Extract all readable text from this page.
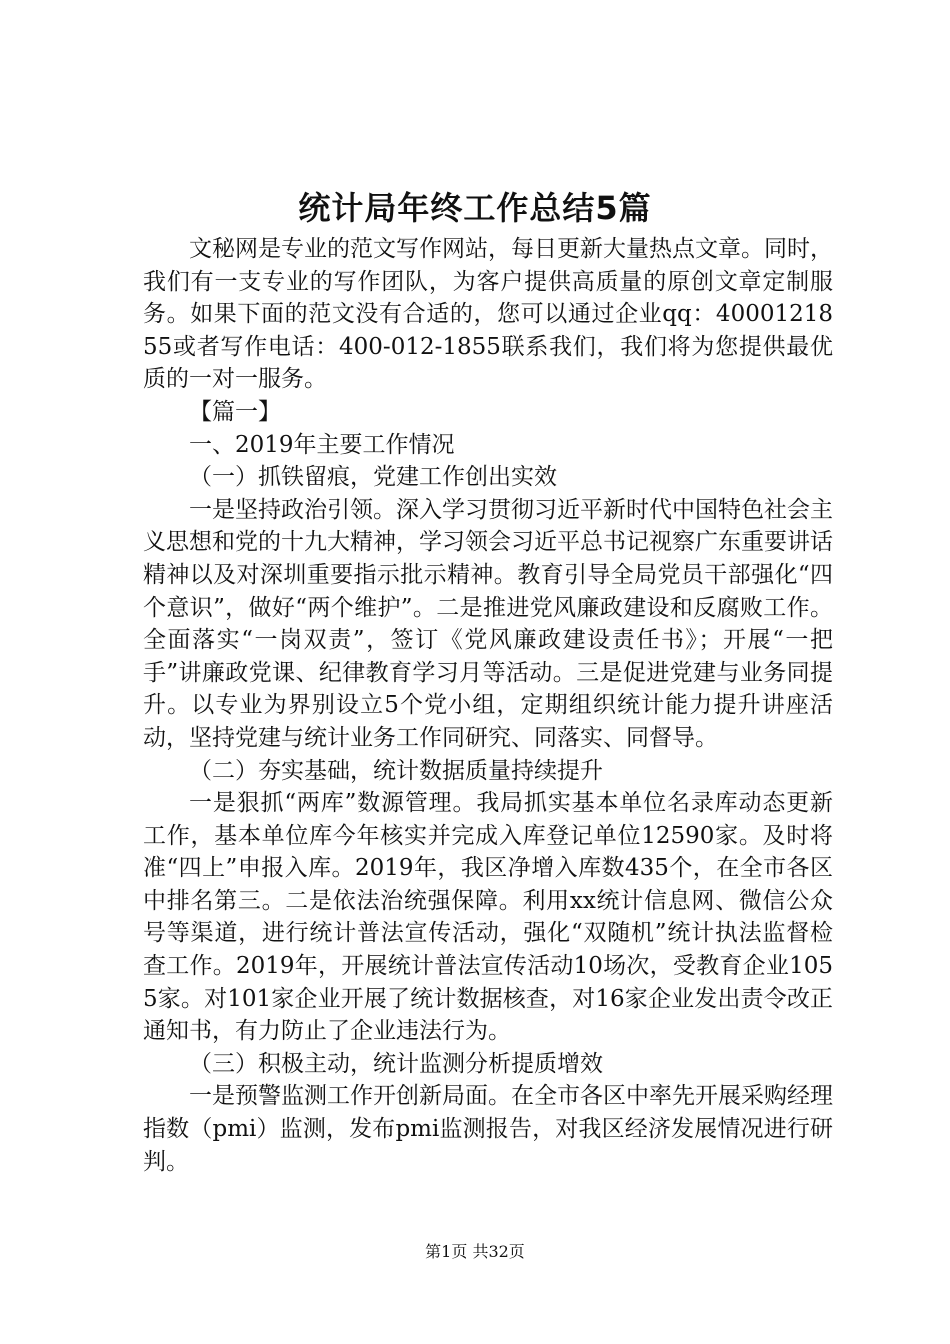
统计局年终工作总结5篇

文秘网是专业的范文写作网站，每日更新大量热点文章。同时，我们有一支专业的写作团队，为客户提供高质量的原创文章定制服务。如果下面的范文没有合适的，您可以通过企业qq：4000121855或者写作电话：400-012-1855联系我们，我们将为您提供最优质的一对一服务。

【篇一】

一、2019年主要工作情况

（一）抓铁留痕，党建工作创出实效

一是坚持政治引领。深入学习贯彻习近平新时代中国特色社会主义思想和党的十九大精神，学习领会习近平总书记视察广东重要讲话精神以及对深圳重要指示批示精神。教育引导全局党员干部强化“四个意识”，做好“两个维护”。二是推进党风廉政建设和反腐败工作。全面落实“一岗双责”，签订《党风廉政建设责任书》；开展“一把手”讲廉政党课、纪律教育学习月等活动。三是促进党建与业务同提升。以专业为界别设立5个党小组，定期组织统计能力提升讲座活动，坚持党建与统计业务工作同研究、同落实、同督导。

（二）夯实基础，统计数据质量持续提升

一是狠抓“两库”数源管理。我局抓实基本单位名录库动态更新工作，基本单位库今年核实并完成入库登记单位12590家。及时将准“四上”申报入库。2019年，我区净增入库数435个，在全市各区中排名第三。二是依法治统强保障。利用xx统计信息网、微信公众号等渠道，进行统计普法宣传活动，强化“双随机”统计执法监督检查工作。2019年，开展统计普法宣传活动10场次，受教育企业1055家。对101家企业开展了统计数据核查，对16家企业发出责令改正通知书，有力防止了企业违法行为。

（三）积极主动，统计监测分析提质增效

一是预警监测工作开创新局面。在全市各区中率先开展采购经理指数（pmi）监测，发布pmi监测报告，对我区经济发展情况进行研判。

第1页 共32页
